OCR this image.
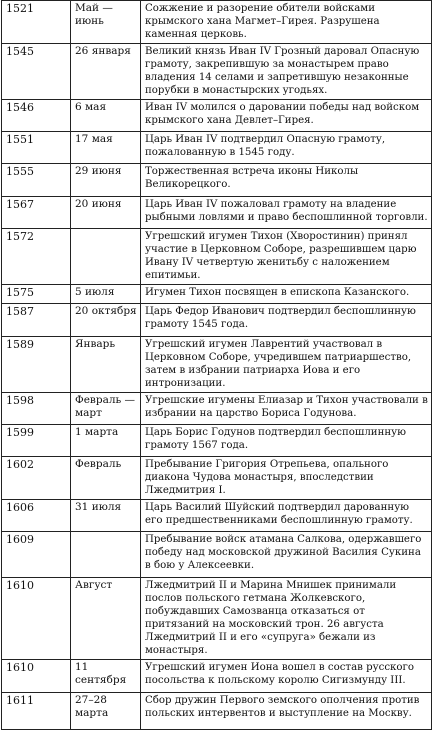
1521	Май — июнь	Сожжение и разорение обители войсками крымского хана Магмет–Гирея. Разрушена каменная церковь.
1545	26 января	Великий князь Иван IV Грозный даровал Опасную грамоту, закрепившую за монастырем право владения 14 селами и запретившую незаконные порубки в монастырских угодьях.
1546	6 мая	Иван IV молился о даровании победы над войском крымского хана Девлет–Гирея.
1551	17 мая	Царь Иван IV подтвердил Опасную грамоту, пожалованную в 1545 году.
1555	29 июня	Торжественная встреча иконы Николы Великорецкого.
1567	20 июня	Царь Иван IV пожаловал грамоту на владение рыбными ловлями и право беспошлинной торговли.
1572		Угрешский игумен Тихон (Хворостинин) принял участие в Церковном Соборе, разрешившем царю Ивану IV четвертую женитьбу с наложением епитимьи.
1575	5 июля	Игумен Тихон посвящен в епископа Казанского.
1587	20 октября	Царь Федор Иванович подтвердил беспошлинную грамоту 1545 года.
1589	Январь	Угрешский игумен Лаврентий участвовал в Церковном Соборе, учредившем патриаршество, затем в избрании патриарха Иова и его интронизации.
1598	Февраль — март	Угрешские игумены Елиазар и Тихон участвовали в избрании на царство Бориса Годунова.
1599	1 марта	Царь Борис Годунов подтвердил беспошлинную грамоту 1567 года.
1602	Февраль	Пребывание Григория Отрепьева, опального диакона Чудова монастыря, впоследствии Лжедмитрия I.
1606	31 июля	Царь Василий Шуйский подтвердил дарованную его предшественниками беспошлинную грамоту.
1609		Пребывание войск атамана Салкова, одержавшего победу над московской дружиной Василия Сукина в бою у Алексеевки.
1610	Август	Лжедмитрий II и Марина Мнишек принимали послов польского гетмана Жолкевского, побуждавших Самозванца отказаться от притязаний на московский трон. 26 августа Лжедмитрий II и его «супруга» бежали из монастыря.
1610	11 сентября	Угрешский игумен Иона вошел в состав русского посольства к польскому королю Сигизмунду III.
1611	27–28 марта	Сбор дружин Первого земского ополчения против польских интервентов и выступление на Москву.
